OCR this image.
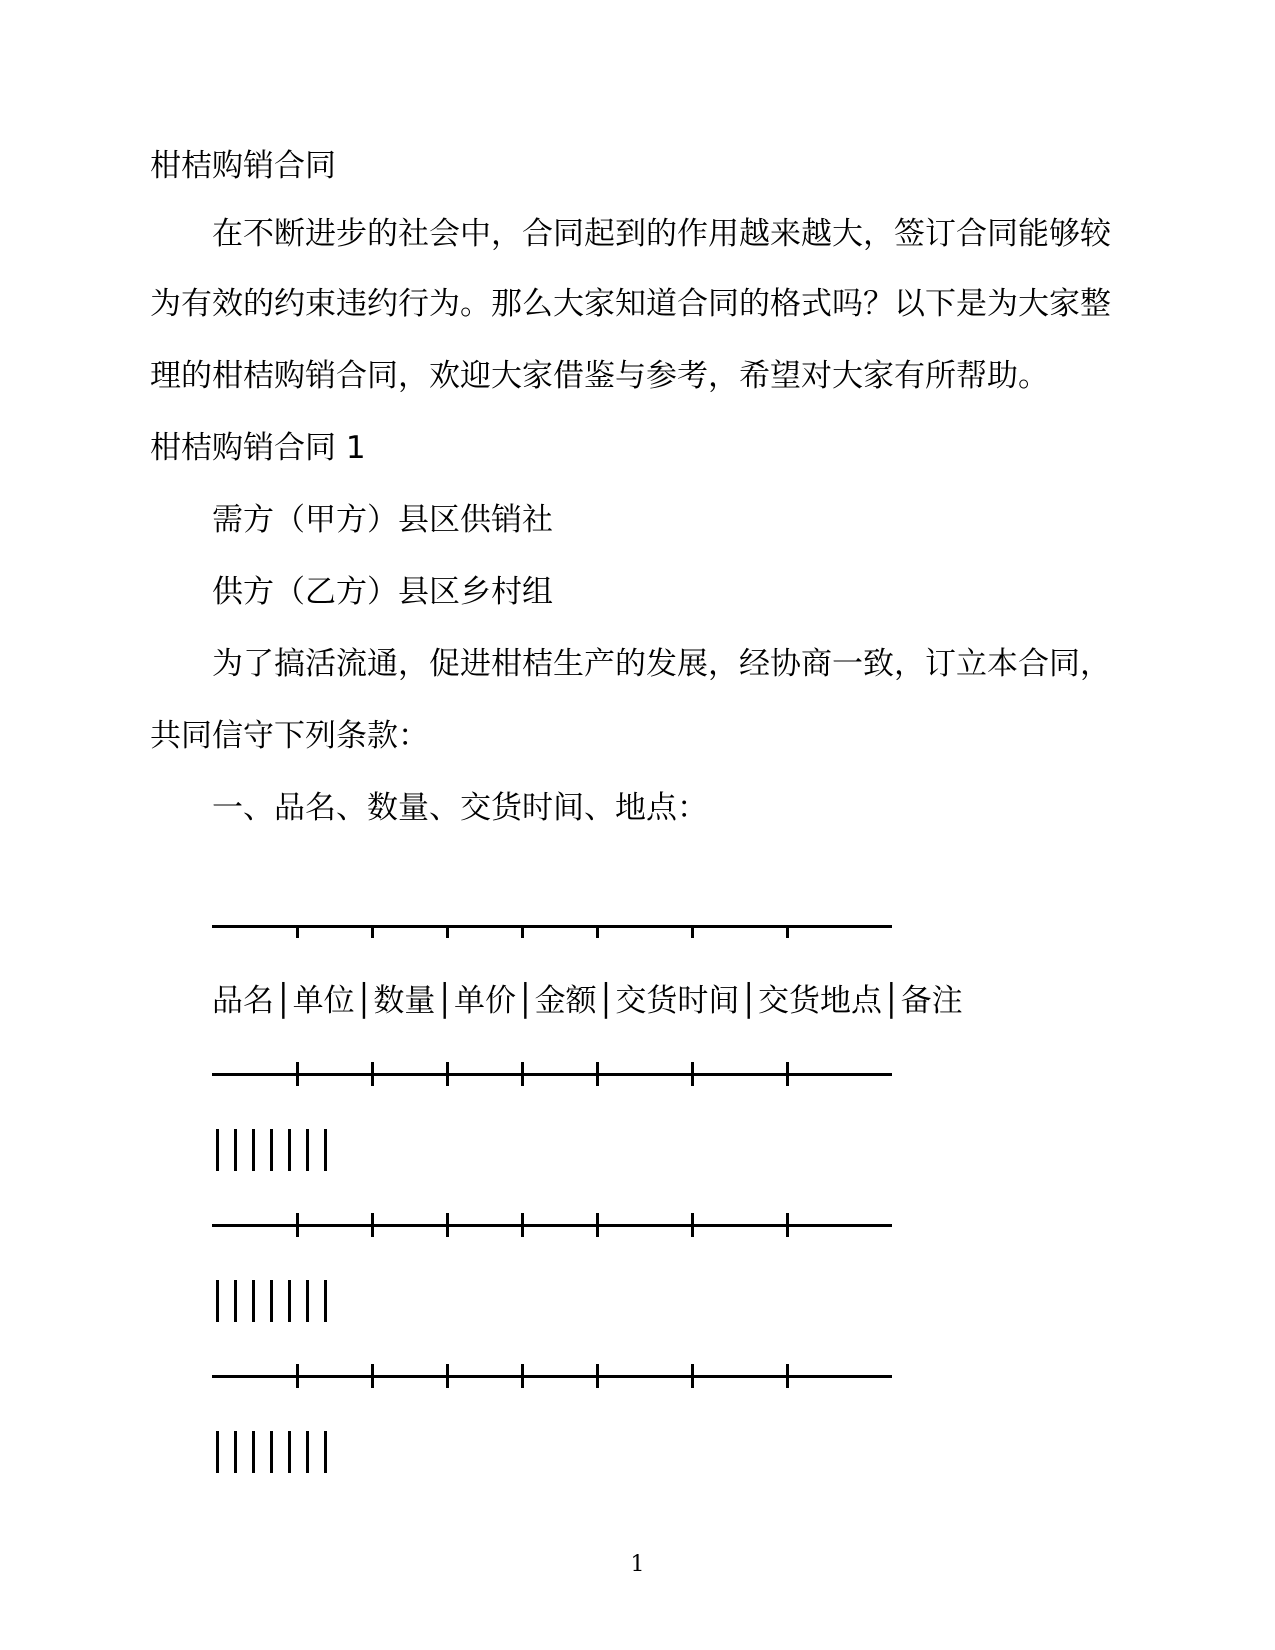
柑桔购销合同
在不断进步的社会中，合同起到的作用越来越大，签订合同能够较
为有效的约束违约行为。那么大家知道合同的格式吗？以下是为大家整
理的柑桔购销合同，欢迎大家借鉴与参考，希望对大家有所帮助。
柑桔购销合同 1
需方（甲方）县区供销社
供方（乙方）县区乡村组
为了搞活流通，促进柑桔生产的发展，经协商一致，订立本合同，
共同信守下列条款：
一、品名、数量、交货时间、地点：
品名│单位│数量│单价│金额│交货时间│交货地点│备注
1
